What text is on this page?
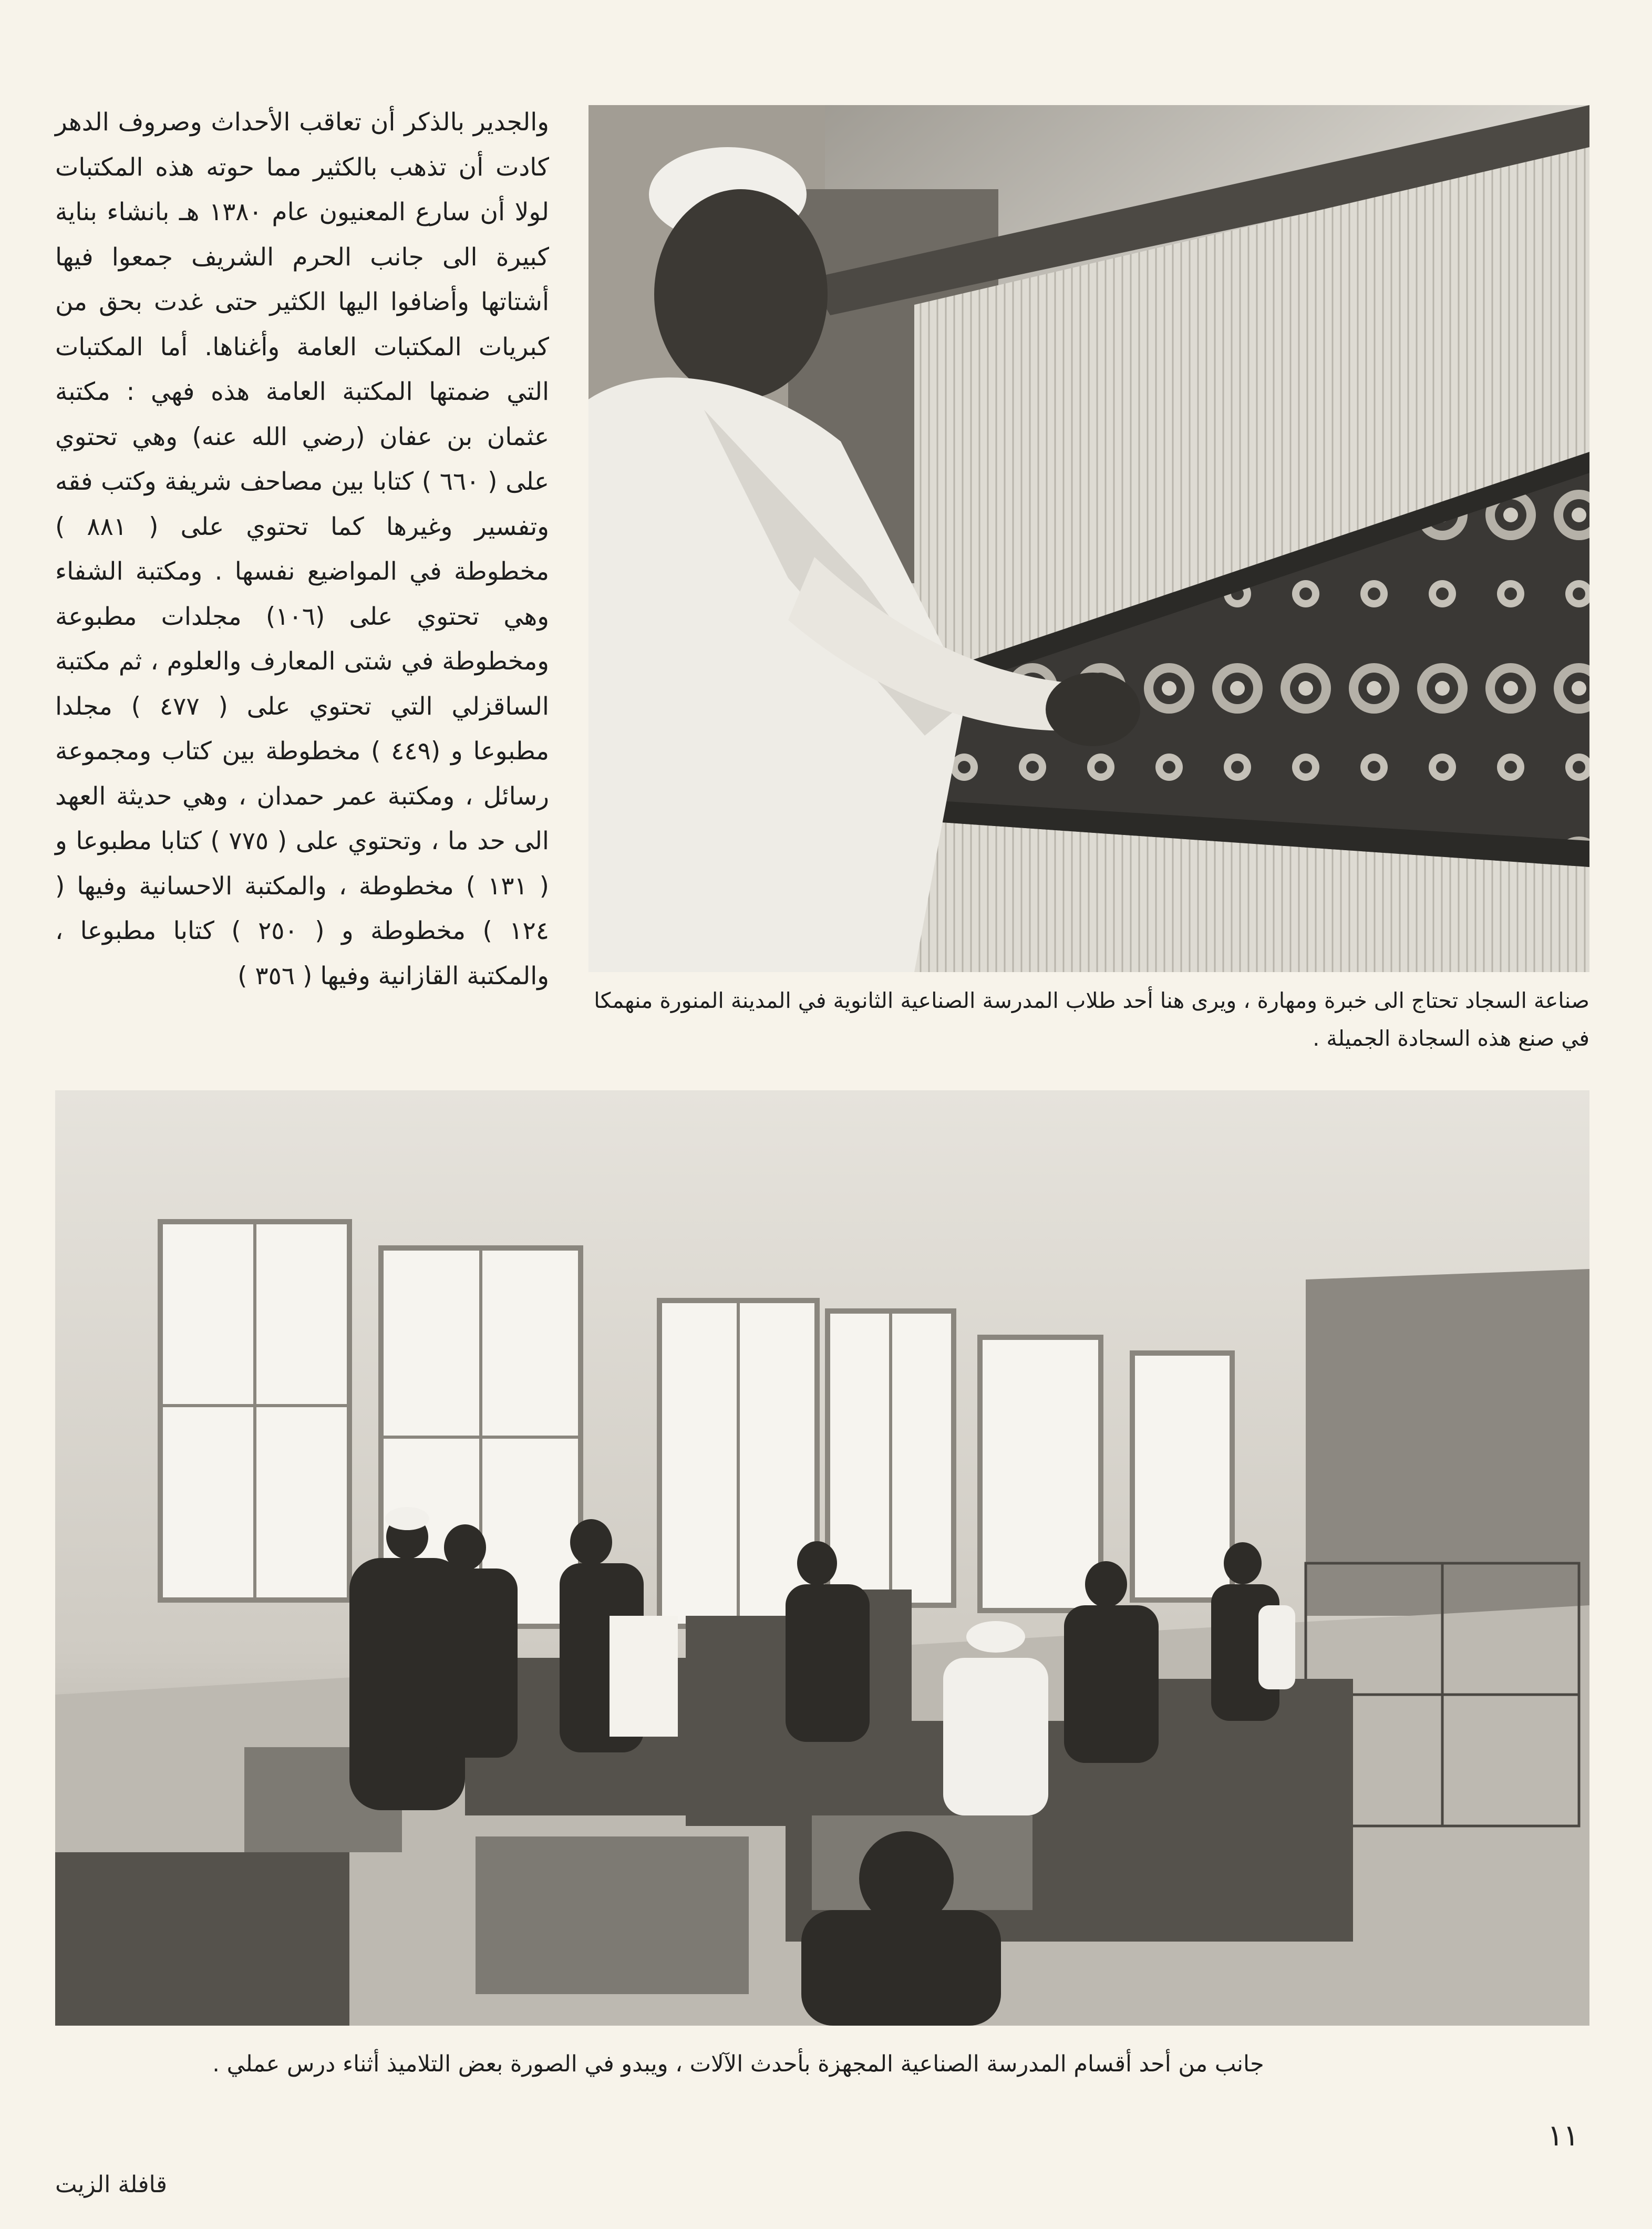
والجدير بالذكر أن تعاقب الأحداث وصروف الدهر كادت أن تذهب بالكثير مما حوته هذه المكتبات لولا أن سارع المعنيون عام ١٣٨٠ هـ بانشاء بناية كبيرة الى جانب الحرم الشريف جمعوا فيها أشتاتها وأضافوا اليها الكثير حتى غدت بحق من كبريات المكتبات العامة وأغناها. أما المكتبات التي ضمتها المكتبة العامة هذه فهي : مكتبة عثمان بن عفان (رضي الله عنه) وهي تحتوي على ( ٦٦٠ ) كتابا بين مصاحف شريفة وكتب فقه وتفسير وغيرها كما تحتوي على ( ٨٨١ ) مخطوطة في المواضيع نفسها . ومكتبة الشفاء وهي تحتوي على (١٠٦) مجلدات مطبوعة ومخطوطة في شتى المعارف والعلوم ، ثم مكتبة الساقزلي التي تحتوي على ( ٤٧٧ ) مجلدا مطبوعا و (٤٤٩ ) مخطوطة بين كتاب ومجموعة رسائل ، ومكتبة عمر حمدان ، وهي حديثة العهد الى حد ما ، وتحتوي على ( ٧٧٥ ) كتابا مطبوعا و ( ١٣١ ) مخطوطة ، والمكتبة الاحسانية وفيها ( ١٢٤ ) مخطوطة و ( ٢٥٠ ) كتابا مطبوعا ، والمكتبة القازانية وفيها ( ٣٥٦ )

صناعة السجاد تحتاج الى خبرة ومهارة ، ويرى هنا أحد طلاب المدرسة الصناعية الثانوية في المدينة المنورة منهمكا في صنع هذه السجادة الجميلة .

جانب من أحد أقسام المدرسة الصناعية المجهزة بأحدث الآلات ، ويبدو في الصورة بعض التلاميذ أثناء درس عملي .

١١
قافلة الزيت
